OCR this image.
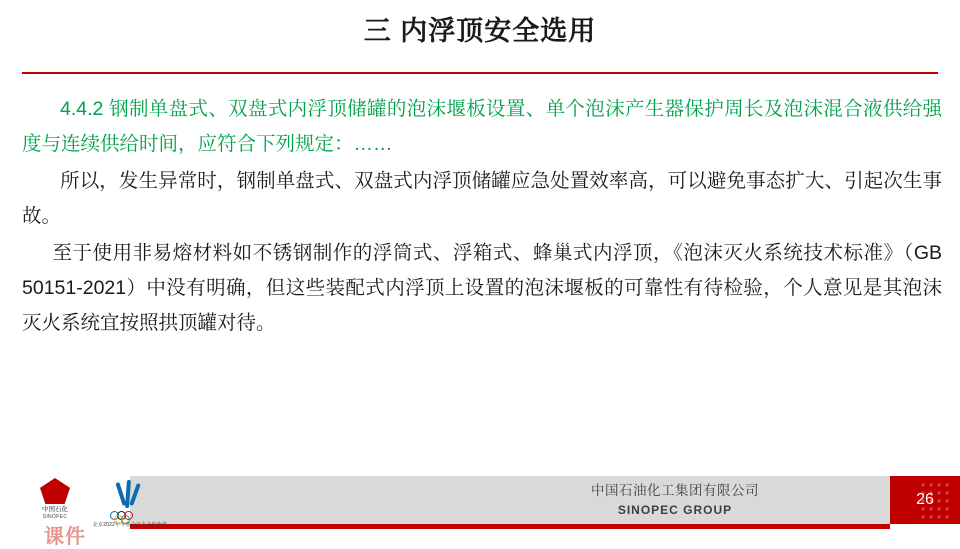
三 内浮顶安全选用

4.4.2 钢制单盘式、双盘式内浮顶储罐的泡沫堰板设置、单个泡沫产生器保护周长及泡沫混合液供给强度与连续供给时间，应符合下列规定：……

所以，发生异常时，钢制单盘式、双盘式内浮顶储罐应急处置效率高，可以避免事态扩大、引起次生事故。

至于使用非易熔材料如不锈钢制作的浮筒式、浮箱式、蜂巢式内浮顶，《泡沫灭火系统技术标准》（GB 50151-2021）中没有明确，但这些装配式内浮顶上设置的泡沫堰板的可靠性有待检验，个人意见是其泡沫灭火系统宜按照拱顶罐对待。

中国石油化工集团有限公司
SINOPEC GROUP
26
中国石化
SINOPEC
北京2022年冬奥会官方合作伙伴
课件
